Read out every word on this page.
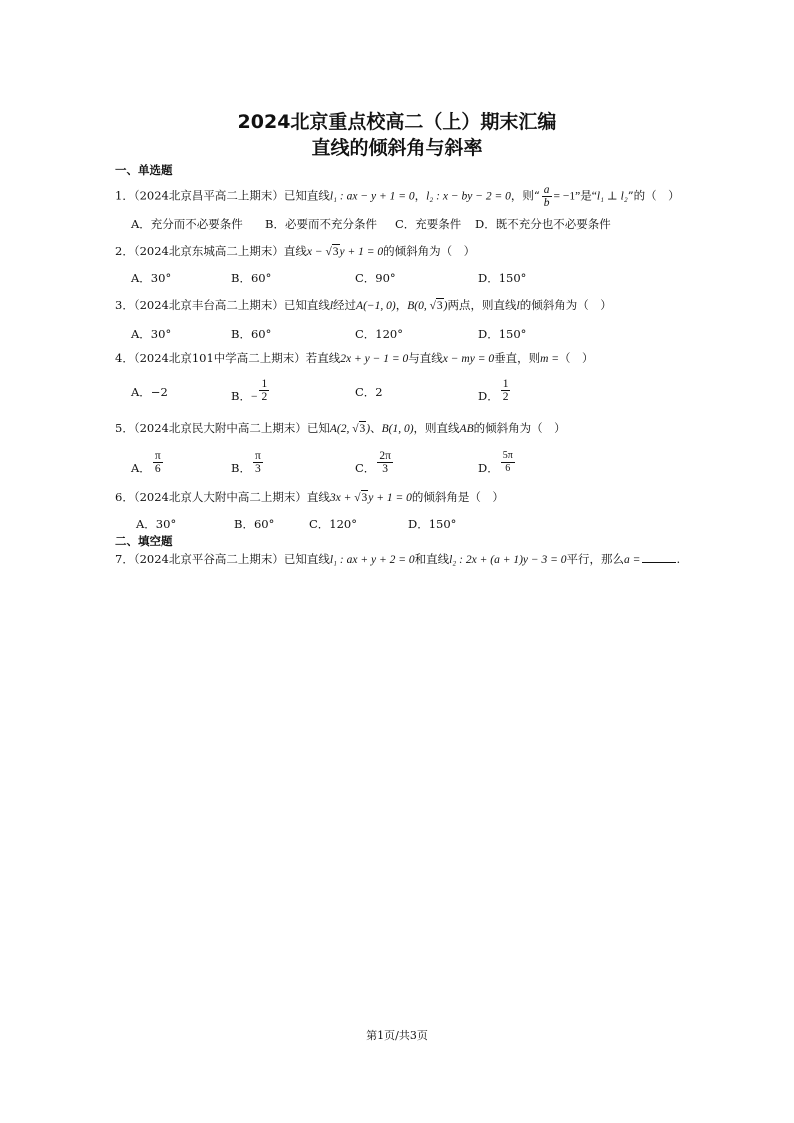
2024北京重点校高二（上）期末汇编
直线的倾斜角与斜率
一、单选题
1．（2024北京昌平高二上期末）已知直线l₁ : ax − y + 1 = 0，l₂ : x − by − 2 = 0，则“ $\frac{a}{b} = -1$”是“l₁ ⊥ l₂”的（　）
A．充分而不必要条件 B．必要而不充分条件 C．充要条件 D．既不充分也不必要条件
2．（2024北京东城高二上期末）直线x − √3y + 1 = 0的倾斜角为（　）
A．30°	B．60°	C．90°	D．150°
3．（2024北京丰台高二上期末）已知直线l经过A(−1, 0)，B(0, √3)两点，则直线l的倾斜角为（　）
A．30°	B．60°	C．120°	D．150°
4．（2024北京101中学高二上期末）若直线2x + y − 1 = 0与直线x − my = 0垂直，则m =（　）
A．−2	B．− $\frac{1}{2}$	C．2	D． $\frac{1}{2}$
5．（2024北京民大附中高二上期末）已知A(2, √3)、B(1, 0)，则直线AB的倾斜角为（　）
A． $\frac{\pi}{6}$	B． $\frac{\pi}{3}$	C． $\frac{2\pi}{3}$	D． $\frac{5\pi}{6}$
6．（2024北京人大附中高二上期末）直线3x + √3y + 1 = 0的倾斜角是（　）
A．30°	B．60°	C．120°	D．150°
二、填空题
7．（2024北京平谷高二上期末）已知直线l₁ : ax + y + 2 = 0和直线l₂ : 2x + (a + 1)y − 3 = 0平行，那么a =	.
第1页/共3页
